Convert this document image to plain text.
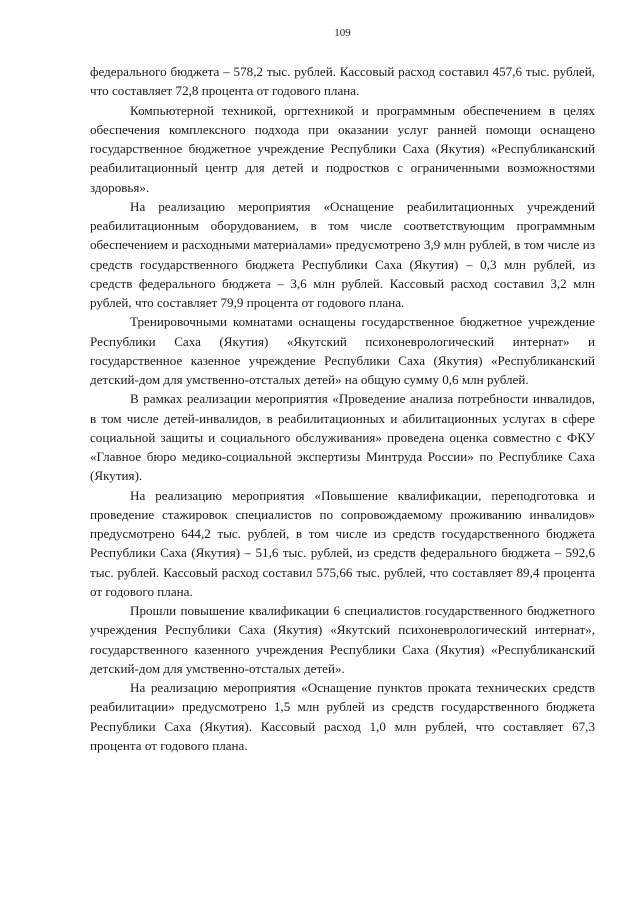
109

федерального бюджета – 578,2 тыс. рублей. Кассовый расход составил 457,6 тыс. рублей, что составляет 72,8 процента от годового плана.

Компьютерной техникой, оргтехникой и программным обеспечением в целях обеспечения комплексного подхода при оказании услуг ранней помощи оснащено государственное бюджетное учреждение Республики Саха (Якутия) «Республиканский реабилитационный центр для детей и подростков с ограниченными возможностями здоровья».

На реализацию мероприятия «Оснащение реабилитационных учреждений реабилитационным оборудованием, в том числе соответствующим программным обеспечением и расходными материалами» предусмотрено 3,9 млн рублей, в том числе из средств государственного бюджета Республики Саха (Якутия) – 0,3 млн рублей, из средств федерального бюджета – 3,6 млн рублей. Кассовый расход составил 3,2 млн рублей, что составляет 79,9 процента от годового плана.

Тренировочными комнатами оснащены государственное бюджетное учреждение Республики Саха (Якутия) «Якутский психоневрологический интернат» и государственное казенное учреждение Республики Саха (Якутия) «Республиканский детский-дом для умственно-отсталых детей» на общую сумму 0,6 млн рублей.

В рамках реализации мероприятия «Проведение анализа потребности инвалидов, в том числе детей-инвалидов, в реабилитационных и абилитационных услугах в сфере социальной защиты и социального обслуживания» проведена оценка совместно с ФКУ «Главное бюро медико-социальной экспертизы Минтруда России» по Республике Саха (Якутия).

На реализацию мероприятия «Повышение квалификации, переподготовка и проведение стажировок специалистов по сопровождаемому проживанию инвалидов» предусмотрено 644,2 тыс. рублей, в том числе из средств государственного бюджета Республики Саха (Якутия) – 51,6 тыс. рублей, из средств федерального бюджета – 592,6 тыс. рублей. Кассовый расход составил 575,66 тыс. рублей, что составляет 89,4 процента от годового плана.

Прошли повышение квалификации 6 специалистов государственного бюджетного учреждения Республики Саха (Якутия) «Якутский психоневрологический интернат», государственного казенного учреждения Республики Саха (Якутия) «Республиканский детский-дом для умственно-отсталых детей».

На реализацию мероприятия «Оснащение пунктов проката технических средств реабилитации» предусмотрено 1,5 млн рублей из средств государственного бюджета Республики Саха (Якутия). Кассовый расход 1,0 млн рублей, что составляет 67,3 процента от годового плана.
